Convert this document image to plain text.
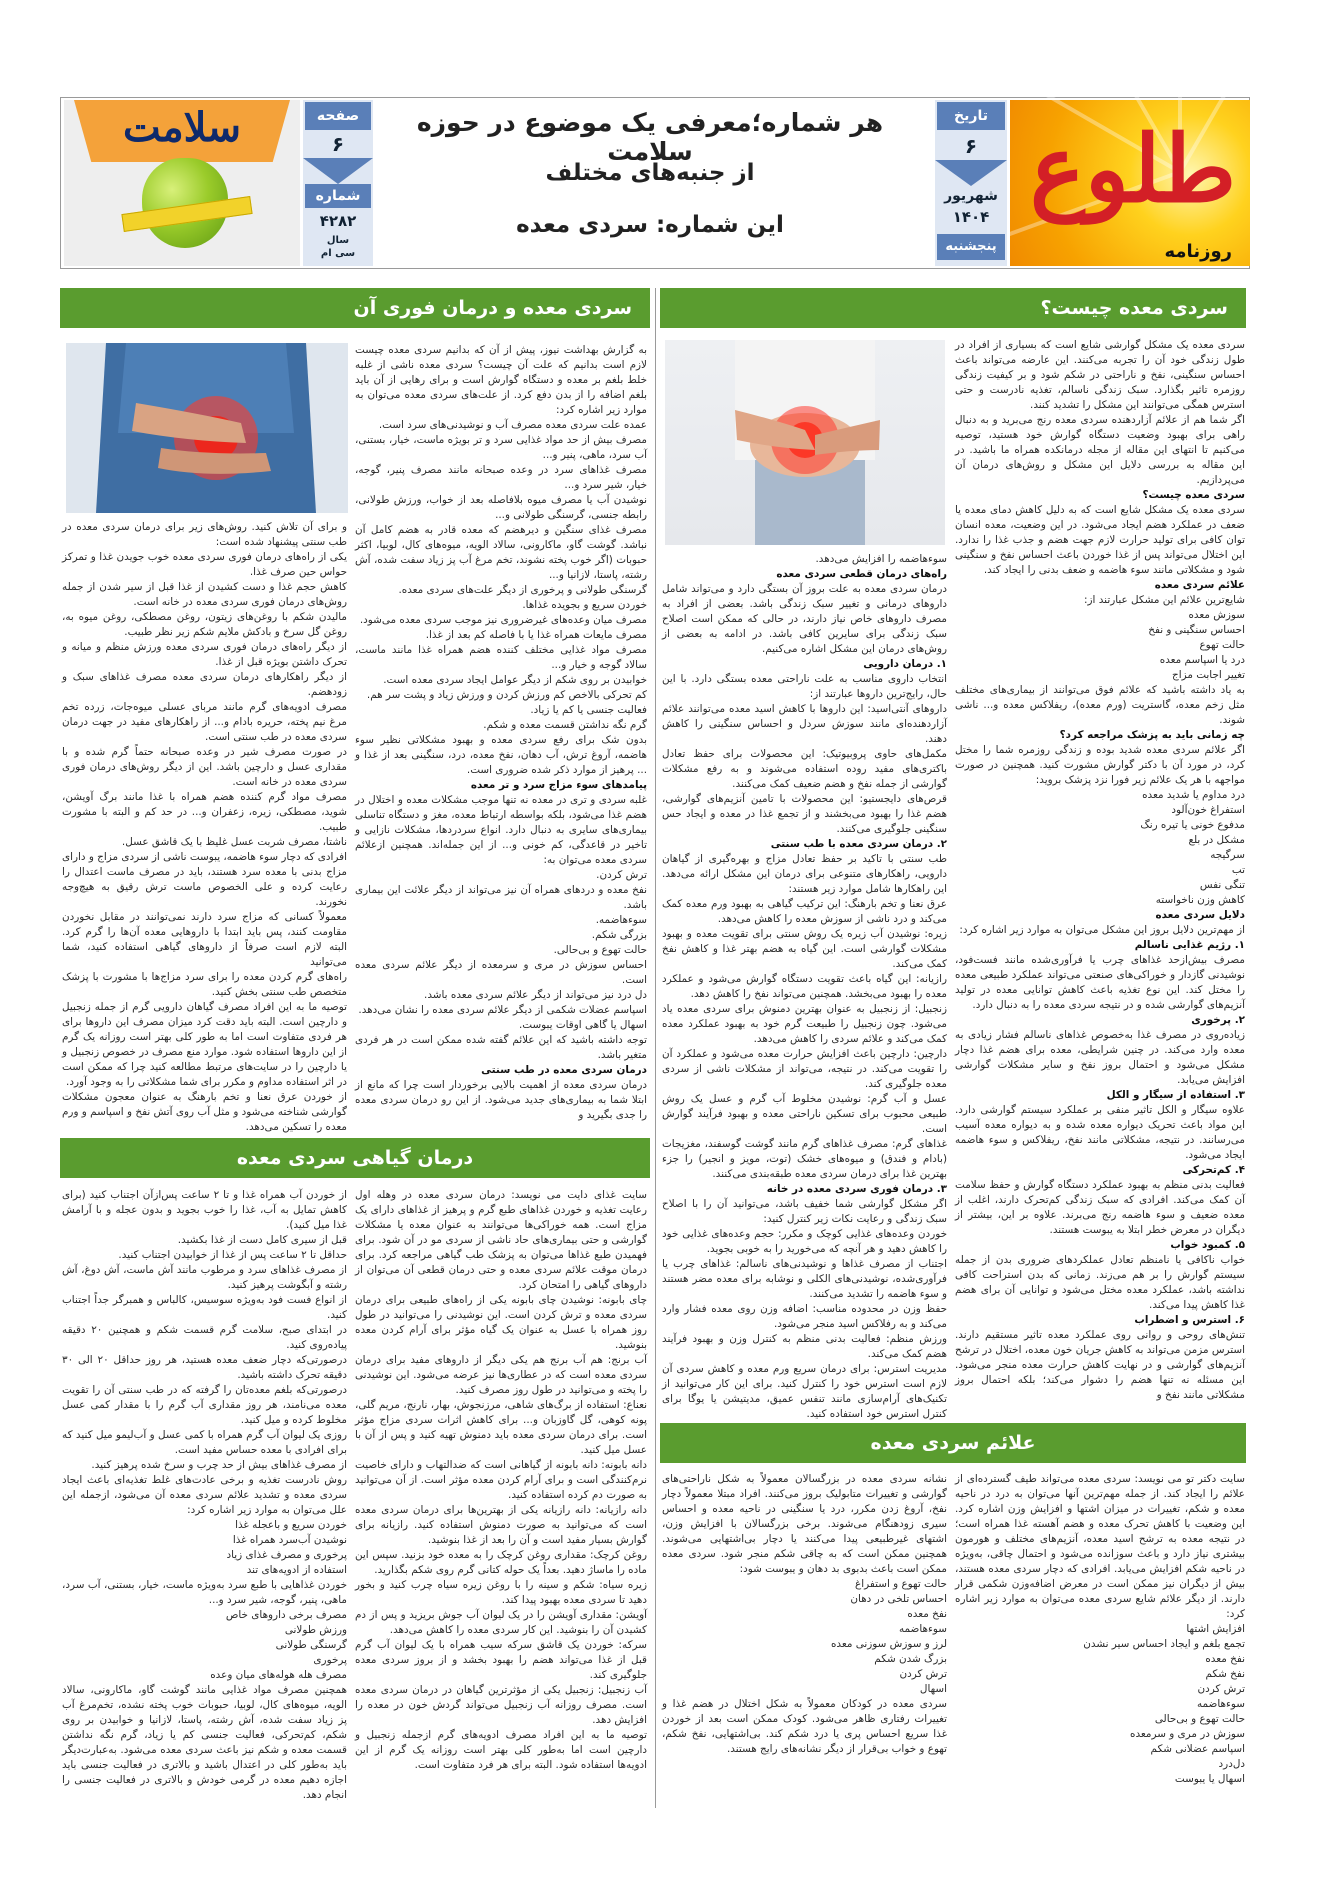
طلوع
روزنامه
تاریخ
۶
شهریور
۱۴۰۴
پنجشنبه
هر شماره؛معرفی یک موضوع در حوزه سلامت
از جنبه‌های مختلف
این شماره: سردی معده
صفحه
۶
شماره
۴۲۸۲
سال
سی ام
سلامت
سردی معده چیست؟

سردی معده یک مشکل گوارشی شایع است که بسیاری از افراد در طول زندگی خود آن را تجربه می‌کنند. این عارضه می‌تواند باعث احساس سنگینی، نفخ و ناراحتی در شکم شود و بر کیفیت زندگی روزمره تاثیر بگذارد. سبک زندگی ناسالم، تغذیه نادرست و حتی استرس همگی می‌توانند این مشکل را تشدید کنند.

اگر شما هم از علائم آزاردهنده سردی معده رنج می‌برید و به دنبال راهی برای بهبود وضعیت دستگاه گوارش خود هستید، توصیه می‌کنیم تا انتهای این مقاله از مجله درمانکده همراه ما باشید. در این مقاله به بررسی دلایل این مشکل و روش‌های درمان آن می‌پردازیم.

سردی معده چیست؟

سردی معده یک مشکل شایع است که به دلیل کاهش دمای معده یا ضعف در عملکرد هضم ایجاد می‌شود. در این وضعیت، معده انسان توان کافی برای تولید حرارت لازم جهت هضم و جذب غذا را ندارد. این اختلال می‌تواند پس از غذا خوردن باعث احساس نفخ و سنگینی شود و مشکلاتی مانند سوء هاضمه و ضعف بدنی را ایجاد کند.

علائم سردی معده

شایع‌ترین علائم این مشکل عبارتند از:

سوزش معده

احساس سنگینی و نفخ

حالت تهوع

درد یا اسپاسم معده

تغییر اجابت مزاج

به یاد داشته باشید که علائم فوق می‌توانند از بیماری‌های مختلف مثل زخم معده، گاستریت (ورم معده)، ریفلاکس معده و... ناشی شوند.

چه زمانی باید به پزشک مراجعه کرد؟

اگر علائم سردی معده شدید بوده و زندگی روزمره شما را مختل کرد، در مورد آن با دکتر گوارش مشورت کنید. همچنین در صورت مواجهه با هر یک علائم زیر فورا نزد پزشک بروید:

درد مداوم یا شدید معده

استفراغ خون‌آلود

مدفوع خونی یا تیره رنگ

مشکل در بلع

سرگیجه

تب

تنگی نفس

کاهش وزن ناخواسته

دلایل سردی معده

از مهم‌ترین دلایل بروز این مشکل می‌توان به موارد زیر اشاره کرد:

۱. رژیم غذایی ناسالم

مصرف بیش‌ازحد غذاهای چرب یا فرآوری‌شده مانند فست‌فود، نوشیدنی گازدار و خوراکی‌های صنعتی می‌تواند عملکرد طبیعی معده را مختل کند. این نوع تغذیه باعث کاهش توانایی معده در تولید آنزیم‌های گوارشی شده و در نتیجه سردی معده را به دنبال دارد.

۲. پرخوری

زیاده‌روی در مصرف غذا به‌خصوص غذاهای ناسالم فشار زیادی به معده وارد می‌کند. در چنین شرایطی، معده برای هضم غذا دچار مشکل می‌شود و احتمال بروز نفخ و سایر مشکلات گوارشی افزایش می‌یابد.

۳. استفاده از سیگار و الکل

علاوه سیگار و الکل تاثیر منفی بر عملکرد سیستم گوارشی دارد. این مواد باعث تحریک دیواره معده شده و به دیواره معده آسیب می‌رسانند. در نتیجه، مشکلاتی مانند نفخ، ریفلاکس و سوء هاضمه ایجاد می‌شود.

۴. کم‌تحرکی

فعالیت بدنی منظم به بهبود عملکرد دستگاه گوارش و حفظ سلامت آن کمک می‌کند. افرادی که سبک زندگی کم‌تحرک دارند، اغلب از معده ضعیف و سوء هاضمه رنج می‌برند. علاوه بر این، بیشتر از دیگران در معرض خطر ابتلا به یبوست هستند.

۵. کمبود خواب

خواب ناکافی یا نامنظم تعادل عملکردهای ضروری بدن از جمله سیستم گوارش را بر هم می‌زند. زمانی که بدن استراحت کافی نداشته باشد، عملکرد معده مختل می‌شود و توانایی آن برای هضم غذا کاهش پیدا می‌کند.

۶. استرس و اضطراب

تنش‌های روحی و روانی روی عملکرد معده تاثیر مستقیم دارند. استرس مزمن می‌تواند به کاهش جریان خون معده، اختلال در ترشح آنزیم‌های گوارشی و در نهایت کاهش حرارت معده منجر می‌شود. این مسئله نه تنها هضم را دشوار می‌کند؛ بلکه احتمال بروز مشکلاتی مانند نفخ و

سوءهاضمه را افزایش می‌دهد.

راه‌های درمان قطعی سردی معده

درمان سردی معده به علت بروز آن بستگی دارد و می‌تواند شامل داروهای درمانی و تغییر سبک زندگی باشد. بعضی از افراد به مصرف داروهای خاص نیاز دارند، در حالی که ممکن است اصلاح سبک زندگی برای سایرین کافی باشد. در ادامه به بعضی از روش‌های درمان این مشکل اشاره می‌کنیم.

۱. درمان دارویی

انتخاب داروی مناسب به علت ناراحتی معده بستگی دارد. با این حال، رایج‌ترین داروها عبارتند از:

داروهای آنتی‌اسید: این داروها با کاهش اسید معده می‌توانند علائم آزاردهنده‌ای مانند سوزش سردل و احساس سنگینی را کاهش دهند.

مکمل‌های حاوی پروبیوتیک: این محصولات برای حفظ تعادل باکتری‌های مفید روده استفاده می‌شوند و به رفع مشکلات گوارشی از جمله نفخ و هضم ضعیف کمک می‌کنند.

قرص‌های دایجستیو: این محصولات با تامین آنزیم‌های گوارشی، هضم غذا را بهبود می‌بخشند و از تجمع غذا در معده و ایجاد حس سنگینی جلوگیری می‌کنند.

۲. درمان سردی معده با طب سنتی

طب سنتی با تاکید بر حفظ تعادل مزاج و بهره‌گیری از گیاهان دارویی، راهکارهای متنوعی برای درمان این مشکل ارائه می‌دهد. این راهکارها شامل موارد زیر هستند:

عرق نعنا و تخم بارهنگ: این ترکیب گیاهی به بهبود ورم معده کمک می‌کند و درد ناشی از سوزش معده را کاهش می‌دهد.

زیره: نوشیدن آب زیره یک روش سنتی برای تقویت معده و بهبود مشکلات گوارشی است. این گیاه به هضم بهتر غذا و کاهش نفخ کمک می‌کند.

رازیانه: این گیاه باعث تقویت دستگاه گوارش می‌شود و عملکرد معده را بهبود می‌بخشد. همچنین می‌تواند نفخ را کاهش دهد.

زنجبیل: از زنجبیل به عنوان بهترین دمنوش برای سردی معده یاد می‌شود. چون زنجبیل را طبیعت گرم خود به بهبود عملکرد معده کمک می‌کند و علائم سردی را کاهش می‌دهد.

دارچین: دارچین باعث افزایش حرارت معده می‌شود و عملکرد آن را تقویت می‌کند. در نتیجه، می‌تواند از مشکلات ناشی از سردی معده جلوگیری کند.

عسل و آب گرم: نوشیدن مخلوط آب گرم و عسل یک روش طبیعی محبوب برای تسکین ناراحتی معده و بهبود فرآیند گوارش است.

غذاهای گرم: مصرف غذاهای گرم مانند گوشت گوسفند، مغزیجات (بادام و فندق) و میوه‌های خشک (توت، مویز و انجیر) را جزء بهترین غذا برای درمان سردی معده طبقه‌بندی می‌کنند.

۳. درمان فوری سردی معده در خانه

اگر مشکل گوارشی شما خفیف باشد، می‌توانید آن را با اصلاح سبک زندگی و رعایت نکات زیر کنترل کنید:

خوردن وعده‌های غذایی کوچک و مکرر: حجم وعده‌های غذایی خود را کاهش دهید و هر آنچه که می‌خورید را به خوبی بجوید.

اجتناب از مصرف غذاها و نوشیدنی‌های ناسالم: غذاهای چرب یا فرآوری‌شده، نوشیدنی‌های الکلی و نوشابه برای معده مضر هستند و سوء هاضمه را تشدید می‌کنند.

حفظ وزن در محدوده مناسب: اضافه وزن روی معده فشار وارد می‌کند و به رفلاکس اسید منجر می‌شود.

ورزش منظم: فعالیت بدنی منظم به کنترل وزن و بهبود فرآیند هضم کمک می‌کند.

مدیریت استرس: برای درمان سریع ورم معده و کاهش سردی آن لازم است استرس خود را کنترل کنید. برای این کار می‌توانید از تکنیک‌های آرام‌سازی مانند تنفس عمیق، مدیتیشن یا یوگا برای کنترل استرس خود استفاده کنید.

علائم سردی معده

سایت دکتر تو می نویسد: سردی معده می‌تواند طیف گسترده‌ای از علائم را ایجاد کند. از جمله مهم‌ترین آنها می‌توان به درد در ناحیه معده و شکم، تغییرات در میزان اشتها و افزایش وزن اشاره کرد. این وضعیت با کاهش تحرک معده و هضم آهسته غذا همراه است؛ در نتیجه معده به ترشح اسید معده، آنزیم‌های مختلف و هورمون بیشتری نیاز دارد و باعث سوزانده می‌شود و احتمال چاقی، به‌ویژه در ناحیه شکم افزایش می‌یابد. افرادی که دچار سردی معده هستند، بیش از دیگران نیز ممکن است در معرض اضافه‌وزن شکمی قرار دارند. از دیگر علائم شایع سردی معده می‌توان به موارد زیر اشاره کرد:

افزایش اشتها

تجمع بلغم و ایجاد احساس سیر نشدن

نفخ معده

نفخ شکم

ترش کردن

سوءهاضمه

حالت تهوع و بی‌حالی

سوزش در مری و سرمعده

اسپاسم عضلانی شکم

دل‌درد

اسهال یا یبوست

نشانه سردی معده در بزرگسالان معمولاً به شکل ناراحتی‌های گوارشی و تغییرات متابولیک بروز می‌کنند. افراد مبتلا معمولاً دچار نفخ، آروغ زدن مکرر، درد یا سنگینی در ناحیه معده و احساس سیری زودهنگام می‌شوند. برخی بزرگسالان با افزایش وزن، اشتهای غیرطبیعی پیدا می‌کنند یا دچار بی‌اشتهایی می‌شوند. همچنین ممکن است که به چاقی شکم منجر شود. سردی معده ممکن است باعث بدبوی بد دهان و یبوست شود:

حالت تهوع و استفراغ

احساس تلخی در دهان

نفخ معده

سوءهاضمه

لرز و سوزش سوزنی معده

بزرگ شدن شکم

ترش کردن

اسهال

سردی معده در کودکان معمولاً به شکل اختلال در هضم غذا و تغییرات رفتاری ظاهر می‌شود. کودک ممکن است بعد از خوردن غذا سریع احساس پری یا درد شکم کند. بی‌اشتهایی، نفخ شکم، تهوع و خواب بی‌قرار از دیگر نشانه‌های رایج هستند.

سردی معده و درمان فوری آن

به گزارش بهداشت نیوز، پیش از آن که بدانیم سردی معده چیست لازم است بدانیم که علت آن چیست؟ سردی معده ناشی از غلبه خلط بلغم بر معده و دستگاه گوارش است و برای رهایی از آن باید بلغم اضافه را از بدن دفع کرد. از علت‌های سردی معده می‌توان به موارد زیر اشاره کرد:

عمده علت سردی معده مصرف آب و نوشیدنی‌های سرد است.

مصرف بیش از حد مواد غذایی سرد و تر بویژه ماست، خیار، بستنی، آب سرد، ماهی، پنیر و...

مصرف غذاهای سرد در وعده صبحانه مانند مصرف پنیر، گوجه، خیار، شیر سرد و...

نوشیدن آب یا مصرف میوه بلافاصله بعد از خواب، ورزش طولانی، رابطه جنسی، گرسنگی طولانی و...

مصرف غذای سنگین و دیرهضم که معده قادر به هضم کامل آن نباشد. گوشت گاو، ماکارونی، سالاد الویه، میوه‌های کال، لوبیا، اکثر حبوبات (اگر خوب پخته نشوند، تخم مرغ آب پز زیاد سفت شده، آش رشته، پاستا، لازانیا و...

گرسنگی طولانی و پرخوری از دیگر علت‌های سردی معده.

خوردن سریع و بجویده غذاها.

مصرف میان وعده‌های غیرضروری نیز موجب سردی معده می‌شود.

مصرف مایعات همراه غذا یا با فاصله کم بعد از غذا.

مصرف مواد غذایی مختلف کننده هضم همراه غذا مانند ماست، سالاد گوجه و خیار و...

خوابیدن بر روی شکم از دیگر عوامل ایجاد سردی معده است.

کم تحرکی بالاخص کم ورزش کردن و ورزش زیاد و پشت سر هم.

فعالیت جنسی یا کم یا زیاد.

گرم نگه نداشتن قسمت معده و شکم.

بدون شک برای رفع سردی معده و بهبود مشکلاتی نظیر سوء هاضمه، آروغ ترش، آب دهان، نفخ معده، درد، سنگینی بعد از غذا و ... پرهیز از موارد ذکر شده ضروری است.

پیامدهای سوء مزاج سرد و تر معده

غلبه سردی و تری در معده نه تنها موجب مشکلات معده و اختلال در هضم غذا می‌شود، بلکه بواسطه ارتباط معده، مغز و دستگاه تناسلی بیماری‌های سایری به دنبال دارد. انواع سردردها، مشکلات نازایی و تاخیر در قاعدگی، کم خونی و... از این جمله‌اند. همچنین ازعلائم سردی معده می‌توان به:

ترش کردن.

نفخ معده و دردهای همراه آن نیز می‌تواند از دیگر علائت این بیماری باشد.

سوءهاضمه.

بزرگی شکم.

حالت تهوع و بی‌حالی.

احساس سوزش در مری و سرمعده از دیگر علائم سردی معده است.

دل درد نیز می‌تواند از دیگر علائم سردی معده باشد.

اسپاسم عضلات شکمی از دیگر علائم سردی معده را نشان می‌دهد.

اسهال یا گاهی اوقات یبوست.

توجه داشته باشید که این علائم گفته شده ممکن است در هر فردی متغیر باشد.

درمان سردی معده در طب سنتی

درمان سردی معده از اهمیت بالایی برخوردار است چرا که مانع از ابتلا شما به بیماری‌های جدید می‌شود. از این رو درمان سردی معده را جدی بگیرید و

و برای آن تلاش کنید. روش‌های زیر برای درمان سردی معده در طب سنتی پیشنهاد شده است:

یکی از راه‌های درمان فوری سردی معده خوب جویدن غذا و تمرکز حواس حین صرف غذا.

کاهش حجم غذا و دست کشیدن از غذا قبل از سیر شدن از جمله روش‌های درمان فوری سردی معده در خانه است.

مالیدن شکم با روغن‌های زیتون، روغن مصطکی، روغن میوه به، روغن گل سرخ و بادکش ملایم شکم زیر نظر طبیب.

از دیگر راه‌های درمان فوری سردی معده ورزش منظم و میانه و تحرک داشتن بویژه قبل از غذا.

از دیگر راهکارهای درمان سردی معده مصرف غذاهای سبک و زودهضم.

مصرف ادویه‌های گرم مانند مربای عسلی میوه‌جات، زرده تخم مرغ نیم پخته، حریره بادام و... از راهکارهای مفید در جهت درمان سردی معده در طب سنتی است.

در صورت مصرف شیر در وعده صبحانه حتماً گرم شده و با مقداری عسل و دارچین باشد. این از دیگر روش‌های درمان فوری سردی معده در خانه است.

مصرف مواد گرم کننده هضم همراه با غذا مانند برگ آویشن، شوید، مصطکی، زیره، زعفران و... در حد کم و البته با مشورت طبیب.

ناشتا، مصرف شربت عسل غلیظ با یک قاشق عسل.

افرادی که دچار سوء هاضمه، یبوست ناشی از سردی مزاج و دارای مزاج بدنی با معده سرد هستند، باید در مصرف ماست اعتدال را رعایت کرده و علی الخصوص ماست ترش رقیق به هیچ‌وجه نخورند.

معمولاً کسانی که مزاج سرد دارند نمی‌توانند در مقابل نخوردن مقاومت کنند، پس باید ابتدا با داروهایی معده آن‌ها را گرم کرد. البته لازم است صرفاً از داروهای گیاهی استفاده کنید، شما می‌توانید

راه‌های گرم کردن معده را برای سرد مزاج‌ها با مشورت با پزشک متخصص طب سنتی بخش کنید.

توصیه ما به این افراد مصرف گیاهان دارویی گرم از جمله زنجبیل و دارچین است. البته باید دقت کرد میزان مصرف این داروها برای هر فردی متفاوت است اما به طور کلی بهتر است روزانه یک گرم از این داروها استفاده شود. موارد منع مصرف در خصوص زنجبیل و یا دارچین را در سایت‌های مرتبط مطالعه کنید چرا که ممکن است در اثر استفاده مداوم و مکرر برای شما مشکلاتی را به وجود آورد.

از خوردن عرق نعنا و تخم بارهنگ به عنوان معجون مشکلات گوارشی شناخته می‌شود و مثل آب روی آتش نفخ و اسپاسم و ورم معده را تسکین می‌دهد.

درمان گیاهی سردی معده

سایت غذای دایت می نویسد: درمان سردی معده در وهله اول رعایت تغذیه و خوردن غذاهای طبع گرم و پرهیز از غذاهای دارای یک مزاج است. همه خوراکی‌ها می‌توانند به عنوان معده یا مشکلات گوارشی و حتی بیماری‌های حاد ناشی از سردی مو در آن شود. برای فهمیدن طبع غذاها می‌توان به پزشک طب گیاهی مراجعه کرد. برای درمان موقت علائم سردی معده و حتی درمان قطعی آن می‌توان از داروهای گیاهی را امتحان کرد.

چای بابونه: نوشیدن چای بابونه یکی از راه‌های طبیعی برای درمان سردی معده و ترش کردن است. این نوشیدنی را می‌توانید در طول روز همراه با عسل به عنوان یک گیاه مؤثر برای آرام کردن معده بنوشید.

آب برنج: هم آب برنج هم یکی دیگر از داروهای مفید برای درمان سردی معده است که در عطاری‌ها نیز عرضه می‌شود. این نوشیدنی را پخته و می‌توانید در طول روز مصرف کنید.

نعناع: استفاده از برگ‌های شاهی، مرزنجوش، بهار، نارنج، مریم گلی، پونه کوهی، گل گاوزبان و... برای کاهش اثرات سردی مزاج مؤثر است. برای درمان سردی معده باید دمنوش تهیه کنید و پس از آن با عسل میل کنید.

دانه بابونه: دانه بابونه از گیاهانی است که ضدالتهاب و دارای خاصیت نرم‌کنندگی است و برای آرام کردن معده مؤثر است. از آن می‌توانید به صورت دم کرده استفاده کنید.

دانه رازیانه: دانه رازیانه یکی از بهترین‌ها برای درمان سردی معده است که می‌توانید به صورت دمنوش استفاده کنید. رازیانه برای گوارش بسیار مفید است و آن را بعد از غذا بنوشید.

روغن کرچک: مقداری روغن کرچک را به معده خود بزنید. سپس این ماده را ماساژ دهید. بعداً یک حوله کتانی گرم روی شکم بگذارید.

زیره سیاه: شکم و سینه را با روغن زیره سیاه چرب کنید و بخور دهید تا سردی معده بهبود پیدا کند.

آویشن: مقداری آویشن را در یک لیوان آب جوش بریزید و پس از دم کشیدن آن را بنوشید. این کار سردی معده را کاهش می‌دهد.

سرکه: خوردن یک قاشق سرکه سیب همراه با یک لیوان آب گرم قبل از غذا می‌تواند هضم را بهبود بخشد و از بروز سردی معده جلوگیری کند.

آب زنجبیل: زنجبیل یکی از مؤثرترین گیاهان در درمان سردی معده است. مصرف روزانه آب زنجبیل می‌تواند گردش خون در معده را افزایش دهد.

توصیه ما به این افراد مصرف ادویه‌های گرم ازجمله زنجبیل و دارچین است اما به‌طور کلی بهتر است روزانه یک گرم از این ادویه‌ها استفاده شود. البته برای هر فرد متفاوت است.

از خوردن آب همراه غذا و تا ۲ ساعت پس‌از‌آن اجتناب کنید (برای کاهش تمایل به آب، غذا را خوب بجوید و بدون عجله و با آرامش غذا میل کنید).

قبل از سیری کامل دست از غذا بکشید.

حداقل تا ۲ ساعت پس از غذا از خوابیدن اجتناب کنید.

از مصرف غذاهای سرد و مرطوب مانند آش ماست، آش دوغ، آش رشته و آبگوشت پرهیز کنید.

از انواع فست فود به‌ویژه سوسیس، کالباس و همبرگر جداً اجتناب کنید.

در ابتدای صبح، سلامت گرم قسمت شکم و همچنین ۲۰ دقیقه پیاده‌روی کنید.

درصورتی‌که دچار ضعف معده هستید، هر روز حداقل ۲۰ الی ۳۰ دقیقه تحرک داشته باشید.

درصورتی‌که بلغم معده‌تان را گرفته که در طب سنتی آن را تقویت معده می‌نامند، هر روز مقداری آب گرم را با مقدار کمی عسل مخلوط کرده و میل کنید.

روزی یک لیوان آب گرم همراه با کمی عسل و آب‌لیمو میل کنید که برای افرادی با معده حساس مفید است.

از مصرف غذاهای بیش از حد چرب و سرخ شده پرهیز کنید.

روش نادرست تغذیه و برخی عادت‌های غلط تغذیه‌ای باعث ایجاد سردی معده و تشدید علائم سردی معده آن می‌شود، ازجمله این علل می‌توان به موارد زیر اشاره کرد:

خوردن سریع و باعجله غذا

نوشیدن آب‌سرد همراه غذا

پرخوری و مصرف غذای زیاد

استفاده از ادویه‌های تند

خوردن غذاهایی با طبع سرد به‌ویژه ماست، خیار، بستنی، آب سرد، ماهی، پنیر، گوجه، شیر سرد و...

مصرف برخی داروهای خاص

ورزش طولانی

گرسنگی طولانی

پرخوری

مصرف هله هوله‌های میان وعده

همچنین مصرف مواد غذایی مانند گوشت گاو، ماکارونی، سالاد الویه، میوه‌های کال، لوبیا، حبوبات خوب پخته نشده، تخم‌مرغ آب پز زیاد سفت شده، آش رشته، پاستا، لازانیا و خوابیدن بر روی شکم، کم‌تحرکی، فعالیت جنسی کم یا زیاد، گرم نگه نداشتن قسمت معده و شکم نیز باعث سردی معده می‌شود. به‌عبارت‌دیگر باید به‌طور کلی در اعتدال باشید و بالاتری در فعالیت جنسی باید اجازه دهیم معده در گرمی خودش و بالاتری در فعالیت جنسی را انجام دهد.
